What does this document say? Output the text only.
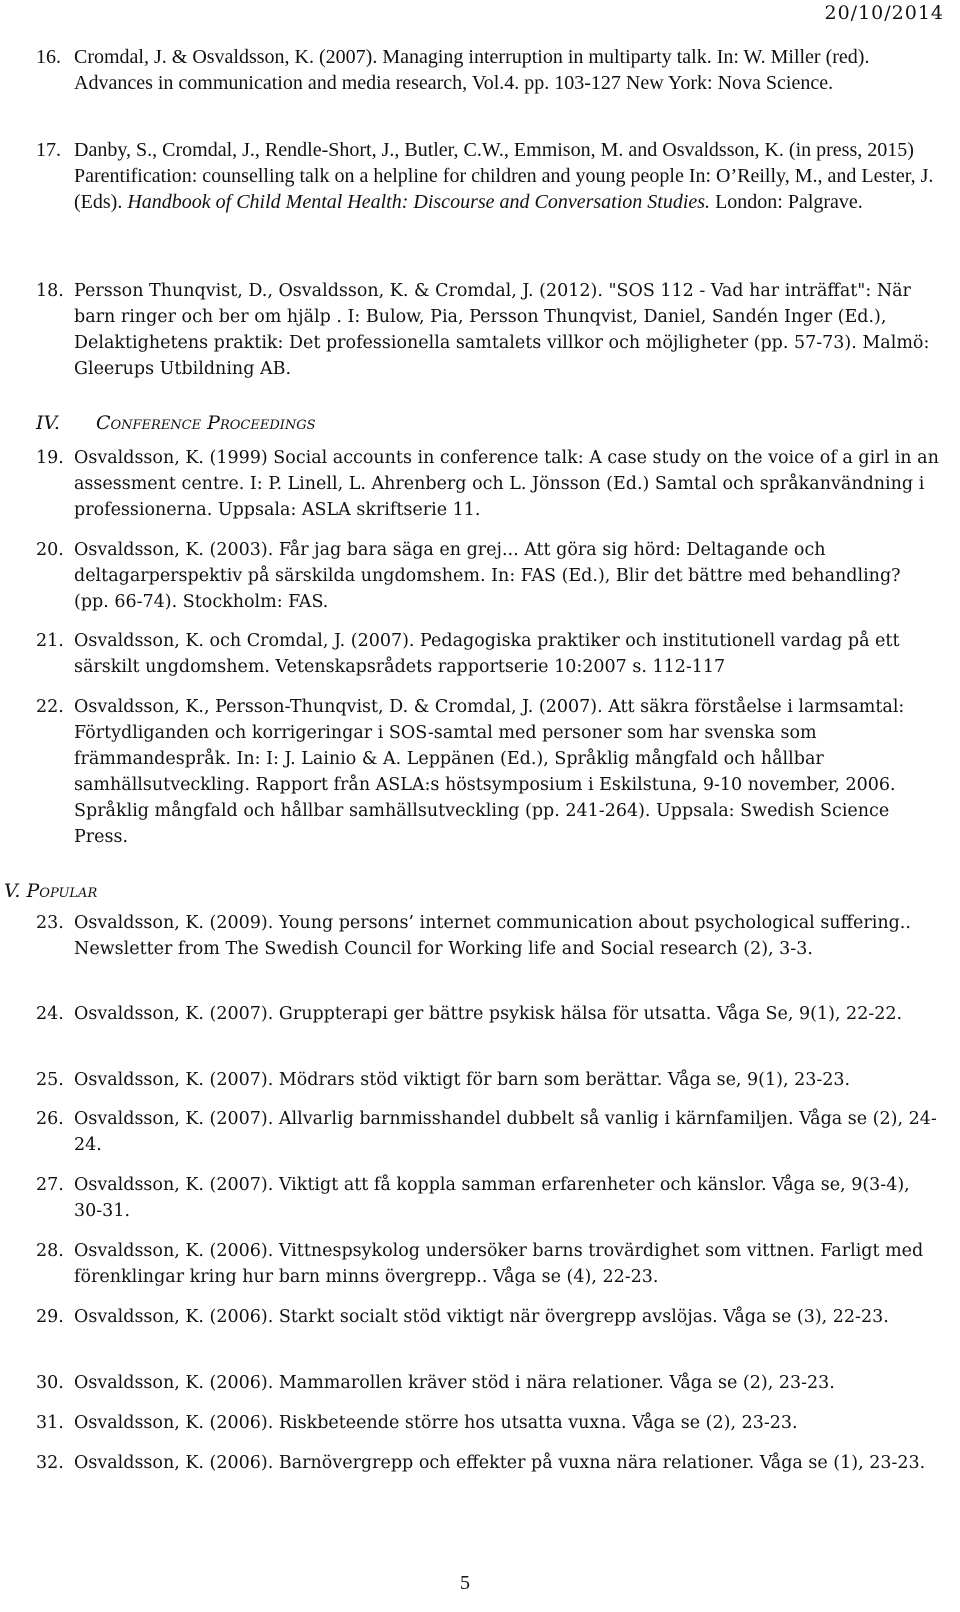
20/10/2014
16. Cromdal, J. & Osvaldsson, K. (2007). Managing interruption in multiparty talk. In: W. Miller (red). Advances in communication and media research, Vol.4. pp. 103-127 New York: Nova Science.
17. Danby, S., Cromdal, J., Rendle-Short, J., Butler, C.W., Emmison, M. and Osvaldsson, K. (in press, 2015) Parentification: counselling talk on a helpline for children and young people In: O’Reilly, M., and Lester, J. (Eds). Handbook of Child Mental Health: Discourse and Conversation Studies. London: Palgrave.
18. Persson Thunqvist, D., Osvaldsson, K. & Cromdal, J. (2012). "SOS 112 - Vad har inträffat": När barn ringer och ber om hjälp . I: Bulow, Pia, Persson Thunqvist, Daniel, Sandén Inger (Ed.), Delaktighetens praktik: Det professionella samtalets villkor och möjligheter (pp. 57-73). Malmö: Gleerups Utbildning AB.
IV. Conference Proceedings
19. Osvaldsson, K. (1999) Social accounts in conference talk: A case study on the voice of a girl in an assessment centre. I: P. Linell, L. Ahrenberg och L. Jönsson (Ed.) Samtal och språkanvändning i professionerna. Uppsala: ASLA skriftserie 11.
20. Osvaldsson, K. (2003). Får jag bara säga en grej... Att göra sig hörd: Deltagande och deltagarperspektiv på särskilda ungdomshem. In: FAS (Ed.), Blir det bättre med behandling? (pp. 66-74). Stockholm: FAS.
21. Osvaldsson, K. och Cromdal, J. (2007). Pedagogiska praktiker och institutionell vardag på ett särskilt ungdomshem. Vetenskapsrådets rapportserie 10:2007 s. 112-117
22. Osvaldsson, K., Persson-Thunqvist, D. & Cromdal, J. (2007). Att säkra förståelse i larmsamtal: Förtydliganden och korrigeringar i SOS-samtal med personer som har svenska som främmandespråk. In: I: J. Lainio & A. Leppänen (Ed.), Språklig mångfald och hållbar samhällsutveckling. Rapport från ASLA:s höstsymposium i Eskilstuna, 9-10 november, 2006. Språklig mångfald och hållbar samhällsutveckling (pp. 241-264). Uppsala: Swedish Science Press.
V. Popular
23. Osvaldsson, K. (2009). Young persons’ internet communication about psychological suffering.. Newsletter from The Swedish Council for Working life and Social research (2), 3-3.
24. Osvaldsson, K. (2007). Gruppterapi ger bättre psykisk hälsa för utsatta. Våga Se, 9(1), 22-22.
25. Osvaldsson, K. (2007). Mödrars stöd viktigt för barn som berättar. Våga se, 9(1), 23-23.
26. Osvaldsson, K. (2007). Allvarlig barnmisshandel dubbelt så vanlig i kärnfamiljen. Våga se (2), 24-24.
27. Osvaldsson, K. (2007). Viktigt att få koppla samman erfarenheter och känslor. Våga se, 9(3-4), 30-31.
28. Osvaldsson, K. (2006). Vittnespsykolog undersöker barns trovärdighet som vittnen. Farligt med förenklingar kring hur barn minns övergrepp.. Våga se (4), 22-23.
29. Osvaldsson, K. (2006). Starkt socialt stöd viktigt när övergrepp avslöjas. Våga se (3), 22-23.
30. Osvaldsson, K. (2006). Mammarollen kräver stöd i nära relationer. Våga se (2), 23-23.
31. Osvaldsson, K. (2006). Riskbeteende större hos utsatta vuxna. Våga se (2), 23-23.
32. Osvaldsson, K. (2006). Barnövergrepp och effekter på vuxna nära relationer. Våga se (1), 23-23.
5
